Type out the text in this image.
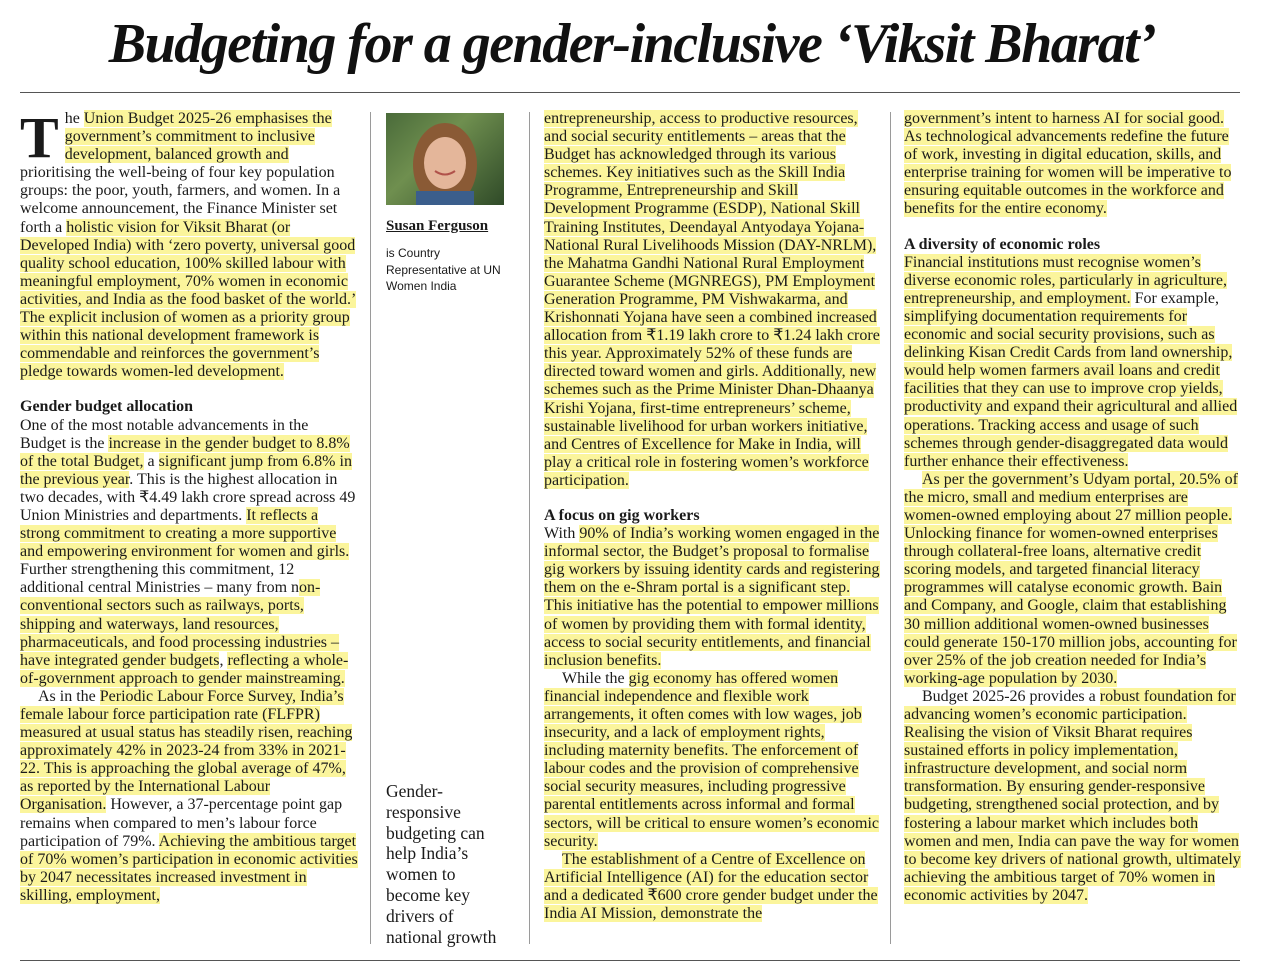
Budgeting for a gender-inclusive ‘Viksit Bharat’

The Union Budget 2025-26 emphasises the government’s commitment to inclusive development, balanced growth and prioritising the well-being of four key population groups: the poor, youth, farmers, and women. In a welcome announcement, the Finance Minister set forth a holistic vision for Viksit Bharat (or Developed India) with ‘zero poverty, universal good quality school education, 100% skilled labour with meaningful employment, 70% women in economic activities, and India as the food basket of the world.’ The explicit inclusion of women as a priority group within this national development framework is commendable and reinforces the government’s pledge towards women-led development.

Gender budget allocation

One of the most notable advancements in the Budget is the increase in the gender budget to 8.8% of the total Budget, a significant jump from 6.8% in the previous year. This is the highest allocation in two decades, with ₹4.49 lakh crore spread across 49 Union Ministries and departments. It reflects a strong commitment to creating a more supportive and empowering environment for women and girls. Further strengthening this commitment, 12 additional central Ministries – many from non-conventional sectors such as railways, ports, shipping and waterways, land resources, pharmaceuticals, and food processing industries – have integrated gender budgets, reflecting a whole-of-government approach to gender mainstreaming.

As in the Periodic Labour Force Survey, India’s female labour force participation rate (FLFPR) measured at usual status has steadily risen, reaching approximately 42% in 2023-24 from 33% in 2021-22. This is approaching the global average of 47%, as reported by the International Labour Organisation. However, a 37-percentage point gap remains when compared to men’s labour force participation of 79%. Achieving the ambitious target of 70% women’s participation in economic activities by 2047 necessitates increased investment in skilling, employment,

Susan Ferguson
is Country Representative at UN Women India
Gender-responsive budgeting can help India’s women to become key drivers of national growth

entrepreneurship, access to productive resources, and social security entitlements – areas that the Budget has acknowledged through its various schemes. Key initiatives such as the Skill India Programme, Entrepreneurship and Skill Development Programme (ESDP), National Skill Training Institutes, Deendayal Antyodaya Yojana-National Rural Livelihoods Mission (DAY-NRLM), the Mahatma Gandhi National Rural Employment Guarantee Scheme (MGNREGS), PM Employment Generation Programme, PM Vishwakarma, and Krishonnati Yojana have seen a combined increased allocation from ₹1.19 lakh crore to ₹1.24 lakh crore this year. Approximately 52% of these funds are directed toward women and girls. Additionally, new schemes such as the Prime Minister Dhan-Dhaanya Krishi Yojana, first-time entrepreneurs’ scheme, sustainable livelihood for urban workers initiative, and Centres of Excellence for Make in India, will play a critical role in fostering women’s workforce participation.

A focus on gig workers

With 90% of India’s working women engaged in the informal sector, the Budget’s proposal to formalise gig workers by issuing identity cards and registering them on the e-Shram portal is a significant step. This initiative has the potential to empower millions of women by providing them with formal identity, access to social security entitlements, and financial inclusion benefits.

While the gig economy has offered women financial independence and flexible work arrangements, it often comes with low wages, job insecurity, and a lack of employment rights, including maternity benefits. The enforcement of labour codes and the provision of comprehensive social security measures, including progressive parental entitlements across informal and formal sectors, will be critical to ensure women’s economic security.

The establishment of a Centre of Excellence on Artificial Intelligence (AI) for the education sector and a dedicated ₹600 crore gender budget under the India AI Mission, demonstrate the

government’s intent to harness AI for social good. As technological advancements redefine the future of work, investing in digital education, skills, and enterprise training for women will be imperative to ensuring equitable outcomes in the workforce and benefits for the entire economy.

A diversity of economic roles

Financial institutions must recognise women’s diverse economic roles, particularly in agriculture, entrepreneurship, and employment. For example, simplifying documentation requirements for economic and social security provisions, such as delinking Kisan Credit Cards from land ownership, would help women farmers avail loans and credit facilities that they can use to improve crop yields, productivity and expand their agricultural and allied operations. Tracking access and usage of such schemes through gender-disaggregated data would further enhance their effectiveness.

As per the government’s Udyam portal, 20.5% of the micro, small and medium enterprises are women-owned employing about 27 million people. Unlocking finance for women-owned enterprises through collateral-free loans, alternative credit scoring models, and targeted financial literacy programmes will catalyse economic growth. Bain and Company, and Google, claim that establishing 30 million additional women-owned businesses could generate 150-170 million jobs, accounting for over 25% of the job creation needed for India’s working-age population by 2030.

Budget 2025-26 provides a robust foundation for advancing women’s economic participation. Realising the vision of Viksit Bharat requires sustained efforts in policy implementation, infrastructure development, and social norm transformation. By ensuring gender-responsive budgeting, strengthened social protection, and by fostering a labour market which includes both women and men, India can pave the way for women to become key drivers of national growth, ultimately achieving the ambitious target of 70% women in economic activities by 2047.
